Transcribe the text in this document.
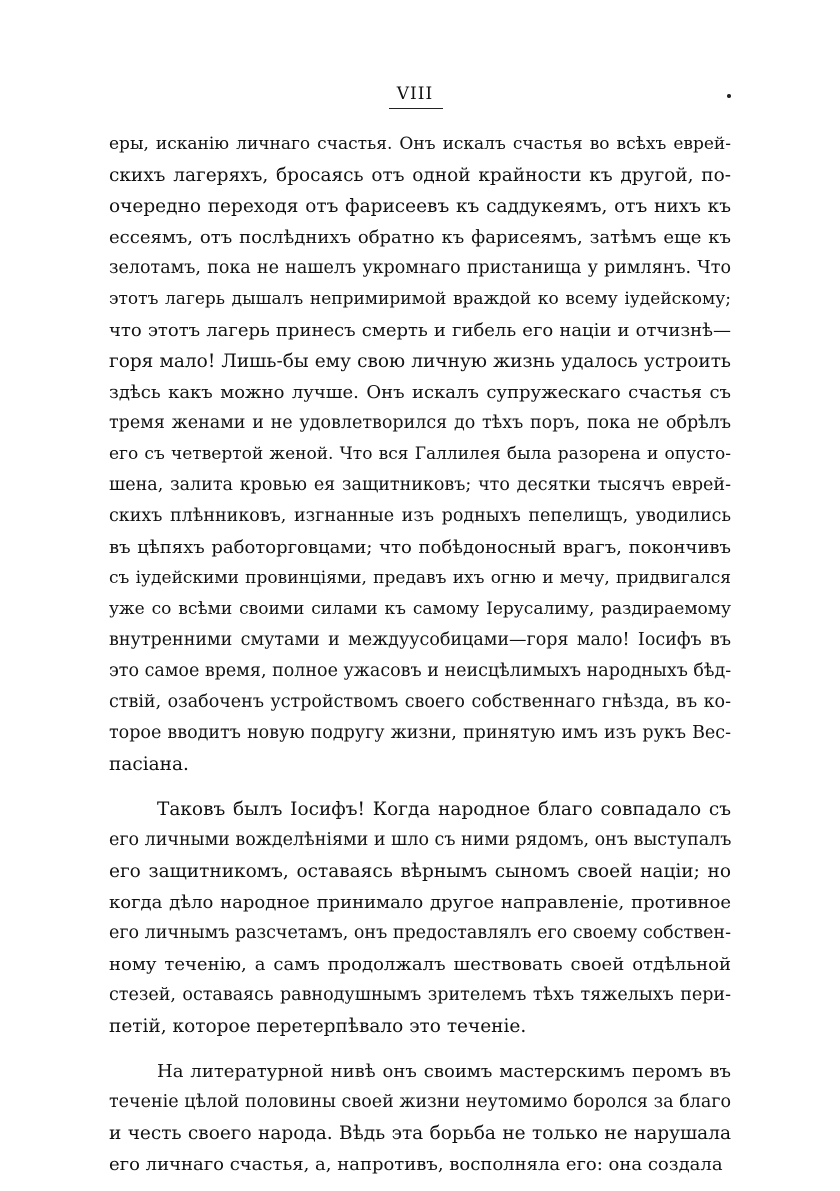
VIII
еры, исканію личнаго счастья. Онъ искалъ счастья во всѣхъ еврей-
скихъ лагеряхъ, бросаясь отъ одной крайности къ другой, по-
очередно переходя отъ фарисеевъ къ саддукеямъ, отъ нихъ къ
ессеямъ, отъ послѣднихъ обратно къ фарисеямъ, затѣмъ еще къ
зелотамъ, пока не нашелъ укромнаго пристанища у римлянъ. Что
этотъ лагерь дышалъ непримиримой враждой ко всему іудейскому;
что этотъ лагерь принесъ смерть и гибель его націи и отчизнѣ—
горя мало! Лишь-бы ему свою личную жизнь удалось устроить
здѣсь какъ можно лучше. Онъ искалъ супружескаго счастья съ
тремя женами и не удовлетворился до тѣхъ поръ, пока не обрѣлъ
его съ четвертой женой. Что вся Галлилея была разорена и опусто-
шена, залита кровью ея защитниковъ; что десятки тысячъ еврей-
скихъ плѣнниковъ, изгнанные изъ родныхъ пепелищъ, уводились
въ цѣпяхъ работорговцами; что побѣдоносный врагъ, покончивъ
съ іудейскими провинціями, предавъ ихъ огню и мечу, придвигался
уже со всѣми своими силами къ самому Іерусалиму, раздираемому
внутренними смутами и междуусобицами—горя мало! Іосифъ въ
это самое время, полное ужасовъ и неисцѣлимыхъ народныхъ бѣд-
ствій, озабоченъ устройствомъ своего собственнаго гнѣзда, въ ко-
торое вводитъ новую подругу жизни, принятую имъ изъ рукъ Вес-
пасіана.
Таковъ былъ Іосифъ! Когда народное благо совпадало съ
его личными вожделѣніями и шло съ ними рядомъ, онъ выступалъ
его защитникомъ, оставаясь вѣрнымъ сыномъ своей націи; но
когда дѣло народное принимало другое направленіе, противное
его личнымъ разсчетамъ, онъ предоставлялъ его своему собствен-
ному теченію, а самъ продолжалъ шествовать своей отдѣльной
стезей, оставаясь равнодушнымъ зрителемъ тѣхъ тяжелыхъ пери-
петій, которое перетерпѣвало это теченіе.
На литературной нивѣ онъ своимъ мастерскимъ перомъ въ
теченіе цѣлой половины своей жизни неутомимо боролся за благо
и честь своего народа. Вѣдь эта борьба не только не нарушала
его личнаго счастья, а, напротивъ, восполняла его: она создала
